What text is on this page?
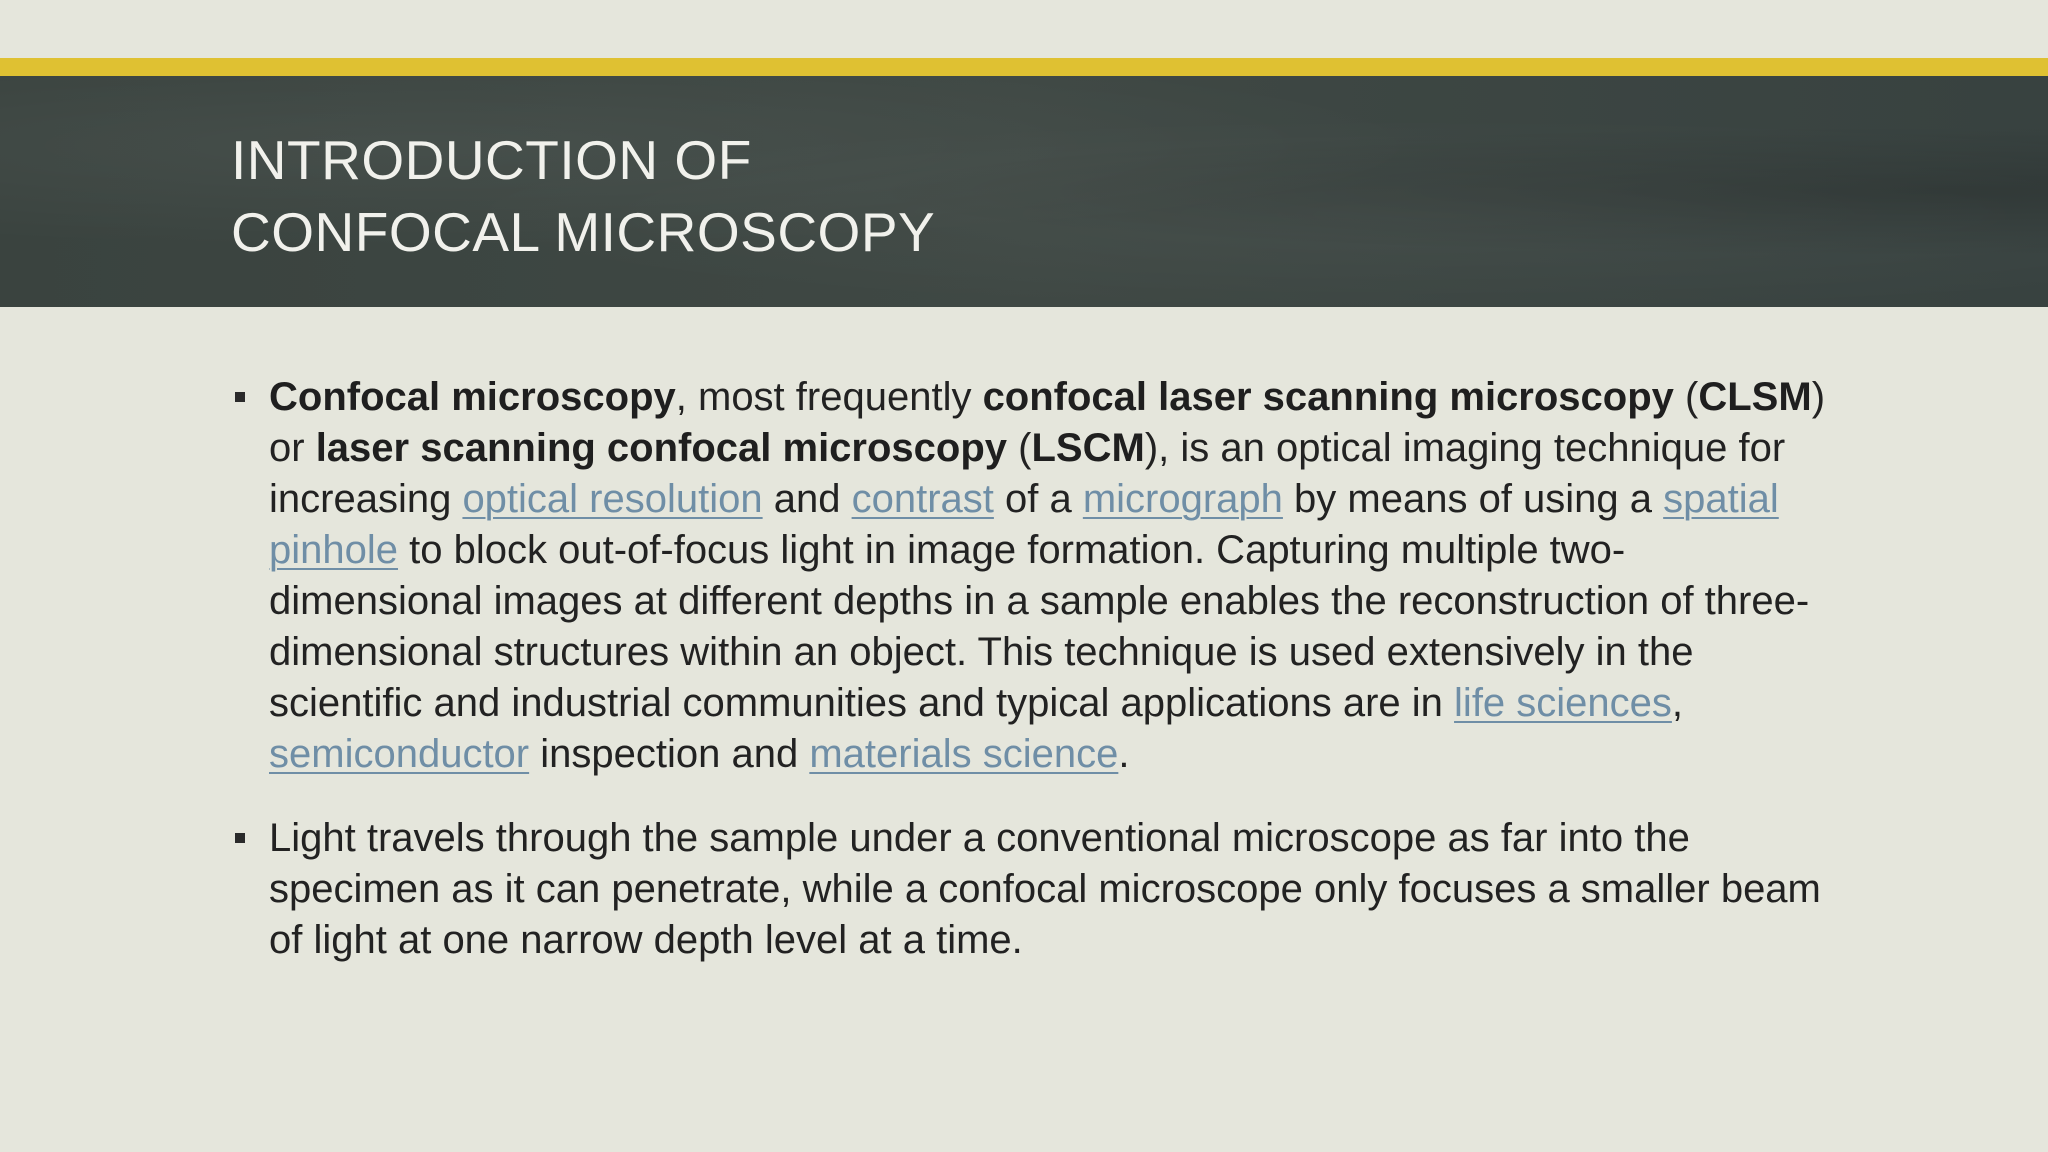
INTRODUCTION OF
CONFOCAL MICROSCOPY
Confocal microscopy, most frequently confocal laser scanning microscopy (CLSM) or laser scanning confocal microscopy (LSCM), is an optical imaging technique for increasing optical resolution and contrast of a micrograph by means of using a spatial pinhole to block out-of-focus light in image formation. Capturing multiple two-dimensional images at different depths in a sample enables the reconstruction of three-dimensional structures within an object. This technique is used extensively in the scientific and industrial communities and typical applications are in life sciences, semiconductor inspection and materials science.
Light travels through the sample under a conventional microscope as far into the specimen as it can penetrate, while a confocal microscope only focuses a smaller beam of light at one narrow depth level at a time.
